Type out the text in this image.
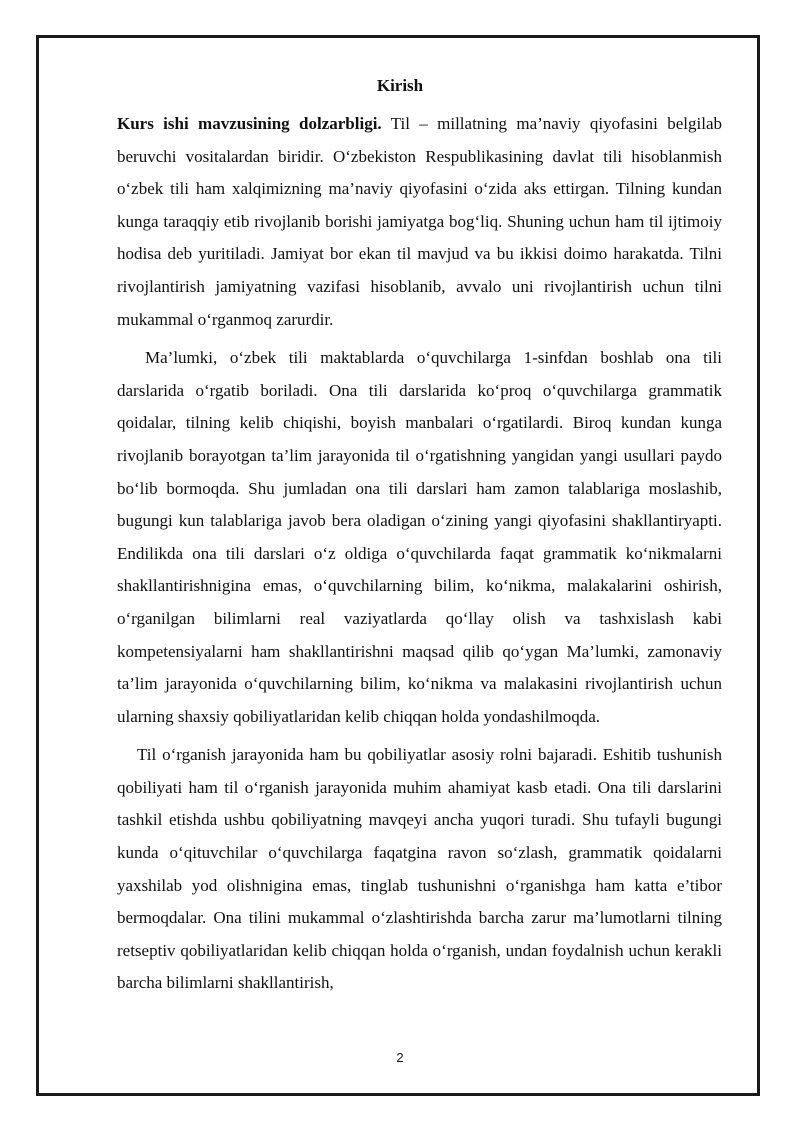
Kirish

Kurs ishi mavzusining dolzarbligi. Til – millatning ma’naviy qiyofasini belgilab beruvchi vositalardan biridir. O‘zbekiston Respublikasining davlat tili hisoblanmish o‘zbek tili ham xalqimizning ma’naviy qiyofasini o‘zida aks ettirgan. Tilning kundan kunga taraqqiy etib rivojlanib borishi jamiyatga bog‘liq. Shuning uchun ham til ijtimoiy hodisa deb yuritiladi. Jamiyat bor ekan til mavjud va bu ikkisi doimo harakatda. Tilni rivojlantirish jamiyatning vazifasi hisoblanib, avvalo uni rivojlantirish uchun tilni mukammal o‘rganmoq zarurdir.

Ma’lumki, o‘zbek tili maktablarda o‘quvchilarga 1-sinfdan boshlab ona tili darslarida o‘rgatib boriladi. Ona tili darslarida ko‘proq o‘quvchilarga grammatik qoidalar, tilning kelib chiqishi, boyish manbalari o‘rgatilardi. Biroq kundan kunga rivojlanib borayotgan ta’lim jarayonida til o‘rgatishning yangidan yangi usullari paydo bo‘lib bormoqda. Shu jumladan ona tili darslari ham zamon talablariga moslashib, bugungi kun talablariga javob bera oladigan o‘zining yangi qiyofasini shakllantiryapti. Endilikda ona tili darslari o‘z oldiga o‘quvchilarda faqat grammatik ko‘nikmalarni shakllantirishnigina emas, o‘quvchilarning bilim, ko‘nikma, malakalarini oshirish, o‘rganilgan bilimlarni real vaziyatlarda qo‘llay olish va tashxislash kabi kompetensiyalarni ham shakllantirishni maqsad qilib qo‘ygan Ma’lumki, zamonaviy ta’lim jarayonida o‘quvchilarning bilim, ko‘nikma va malakasini rivojlantirish uchun ularning shaxsiy qobiliyatlaridan kelib chiqqan holda yondashilmoqda.

Til o‘rganish jarayonida ham bu qobiliyatlar asosiy rolni bajaradi. Eshitib tushunish qobiliyati ham til o‘rganish jarayonida muhim ahamiyat kasb etadi. Ona tili darslarini tashkil etishda ushbu qobiliyatning mavqeyi ancha yuqori turadi. Shu tufayli bugungi kunda o‘qituvchilar o‘quvchilarga faqatgina ravon so‘zlash, grammatik qoidalarni yaxshilab yod olishnigina emas, tinglab tushunishni o‘rganishga ham katta e’tibor bermoqdalar. Ona tilini mukammal o‘zlashtirishda barcha zarur ma’lumotlarni tilning retseptiv qobiliyatlaridan kelib chiqqan holda o‘rganish, undan foydalnish uchun kerakli barcha bilimlarni shakllantirish,

2
